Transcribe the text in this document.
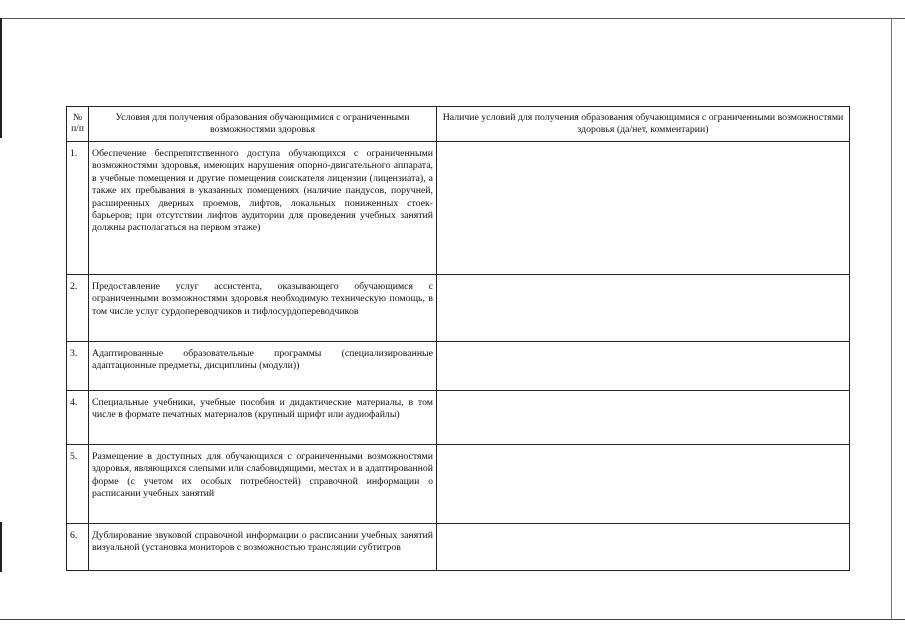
№ п/п	Условия для получения образования обучающимися с ограниченными возможностями здоровья	Наличие условий для получения образования обучающимися с ограниченными возможностями здоровья (да/нет, комментарии)
1.	Обеспечение беспрепятственного доступа обучающихся с ограниченными возможностями здоровья, имеющих нарушения опорно-двигательного аппарата, в учебные помещения и другие помещения соискателя лицензии (лицензиата), а также их пребывания в указанных помещениях (наличие пандусов, поручней, расширенных дверных проемов, лифтов, локальных пониженных стоек-барьеров; при отсутствии лифтов аудитории для проведения учебных занятий должны располагаться на первом этаже)	
2.	Предоставление услуг ассистента, оказывающего обучающимся с ограниченными возможностями здоровья необходимую техническую помощь, в том числе услуг сурдопереводчиков и тифлосурдопереводчиков	
3.	Адаптированные образовательные программы (специализированные адаптационные предметы, дисциплины (модули))	
4.	Специальные учебники, учебные пособия и дидактические материалы, в том числе в формате печатных материалов (крупный шрифт или аудиофайлы)	
5.	Размещение в доступных для обучающихся с ограниченными возможностями здоровья, являющихся слепыми или слабовидящими, местах и в адаптированной форме (с учетом их особых потребностей) справочной информации о расписании учебных занятий	
6.	Дублирование звуковой справочной информации о расписании учебных занятий визуальной (установка мониторов с возможностью трансляции субтитров	
